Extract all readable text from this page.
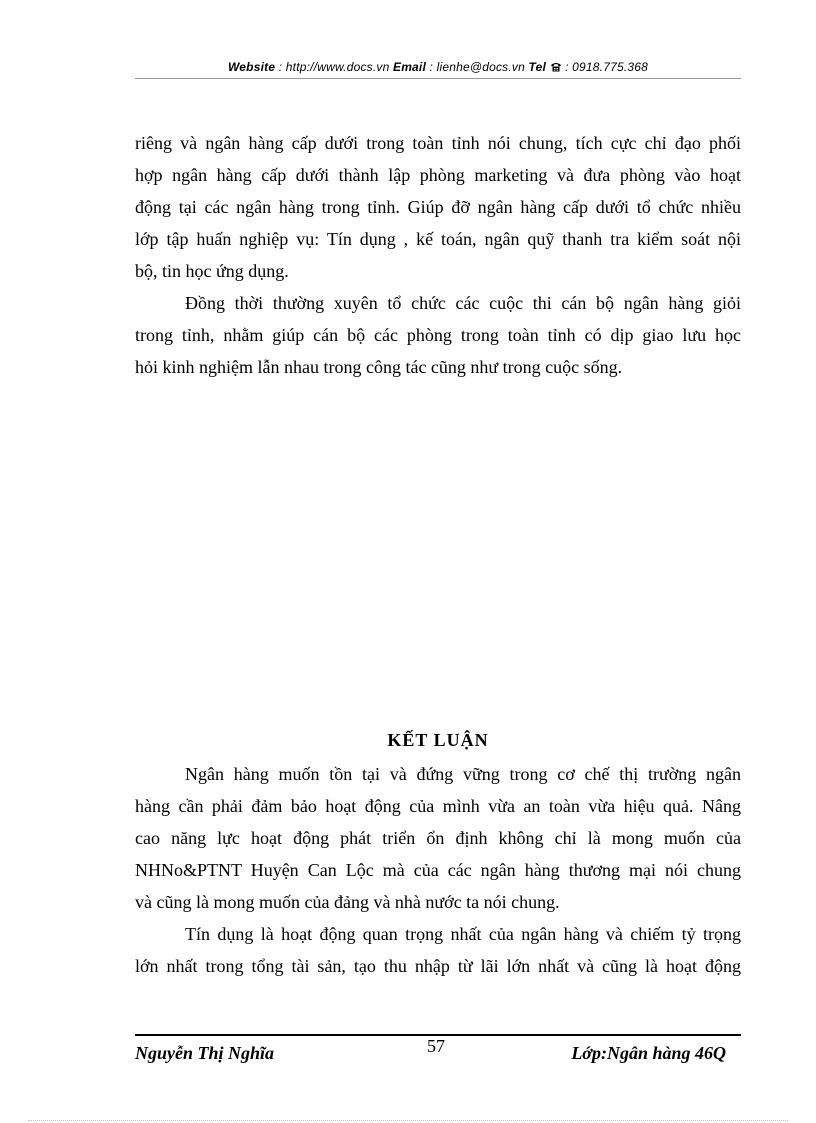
Website : http://www.docs.vn Email : lienhe@docs.vn Tel  : 0918.775.368
riêng và ngân hàng cấp dưới trong toàn tỉnh nói chung, tích cực chỉ đạo phối
hợp ngân hàng cấp dưới thành lập phòng marketing và đưa phòng vào hoạt
động tại các ngân hàng trong tỉnh. Giúp đỡ ngân hàng cấp dưới tổ chức nhiều
lớp tập huấn nghiệp vụ: Tín dụng , kế toán, ngân quỹ thanh tra kiểm soát nội
bộ, tin học ứng dụng.
Đồng thời thường xuyên tổ chức các cuộc thi cán bộ ngân hàng giỏi
trong tỉnh, nhằm giúp cán bộ các phòng trong toàn tỉnh có dịp giao lưu học
hỏi kinh nghiệm lẫn nhau trong công tác cũng như trong cuộc sống.
KẾT LUẬN
Ngân hàng muốn tồn tại và đứng vững trong cơ chế thị trường ngân
hàng cần phải đảm bảo hoạt động của mình vừa an toàn vừa hiệu quả. Nâng
cao năng lực hoạt động phát triển ổn định không chỉ là mong muốn của
NHNo&PTNT Huyện Can Lộc mà của các ngân hàng thương mại nói chung
và cũng là mong muốn của đảng và nhà nước ta nói chung.
Tín dụng là hoạt động quan trọng nhất của ngân hàng và chiếm tỷ trọng
lớn nhất trong tổng tài sản, tạo thu nhập từ lãi lớn nhất và cũng là hoạt động
Nguyễn Thị Nghĩa	57	Lớp:Ngân hàng 46Q
